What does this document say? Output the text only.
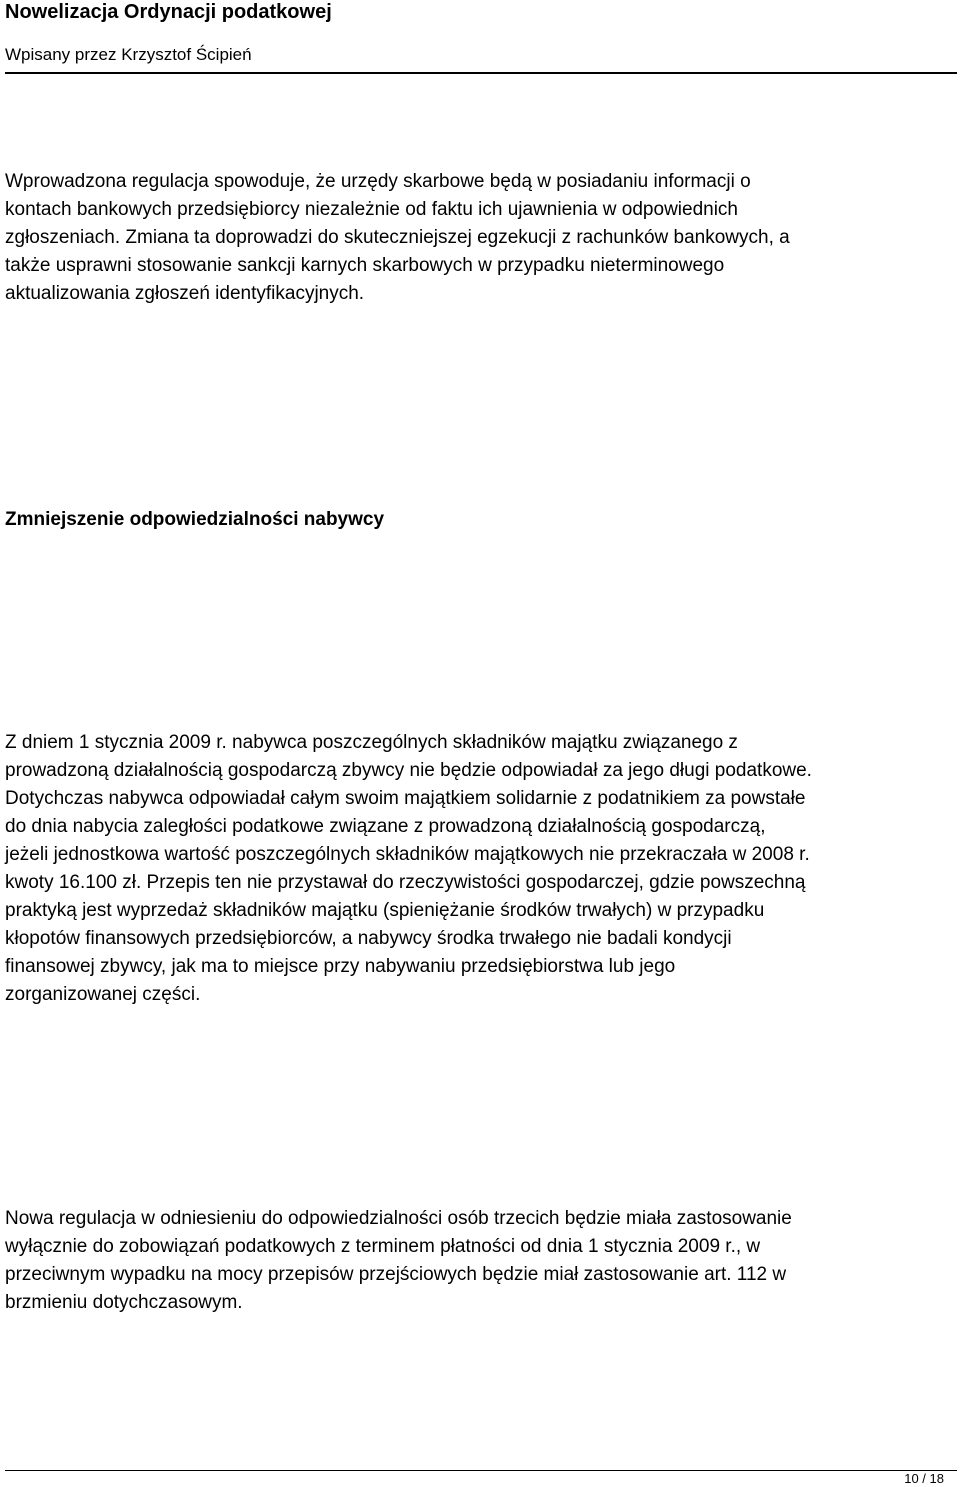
Nowelizacja Ordynacji podatkowej
Wpisany przez Krzysztof Ścipień
Wprowadzona regulacja spowoduje, że urzędy skarbowe będą w posiadaniu informacji o
kontach bankowych przedsiębiorcy niezależnie od faktu ich ujawnienia w odpowiednich
zgłoszeniach. Zmiana ta doprowadzi do skuteczniejszej egzekucji z rachunków bankowych, a
także usprawni stosowanie sankcji karnych skarbowych w przypadku nieterminowego
aktualizowania zgłoszeń identyfikacyjnych.
Zmniejszenie odpowiedzialności nabywcy
Z dniem 1 stycznia 2009 r. nabywca poszczególnych składników majątku związanego z
prowadzoną działalnością gospodarczą zbywcy nie będzie odpowiadał za jego długi podatkowe.
Dotychczas nabywca odpowiadał całym swoim majątkiem solidarnie z podatnikiem za powstałe
do dnia nabycia zaległości podatkowe związane z prowadzoną działalnością gospodarczą,
jeżeli jednostkowa wartość poszczególnych składników majątkowych nie przekraczała w 2008 r.
kwoty 16.100 zł. Przepis ten nie przystawał do rzeczywistości gospodarczej, gdzie powszechną
praktyką jest wyprzedaż składników majątku (spieniężanie środków trwałych) w przypadku
kłopotów finansowych przedsiębiorców, a nabywcy środka trwałego nie badali kondycji
finansowej zbywcy, jak ma to miejsce przy nabywaniu przedsiębiorstwa lub jego
zorganizowanej części.
Nowa regulacja w odniesieniu do odpowiedzialności osób trzecich będzie miała zastosowanie
wyłącznie do zobowiązań podatkowych z terminem płatności od dnia 1 stycznia 2009 r., w
przeciwnym wypadku na mocy przepisów przejściowych będzie miał zastosowanie art. 112 w
brzmieniu dotychczasowym.
10 / 18
